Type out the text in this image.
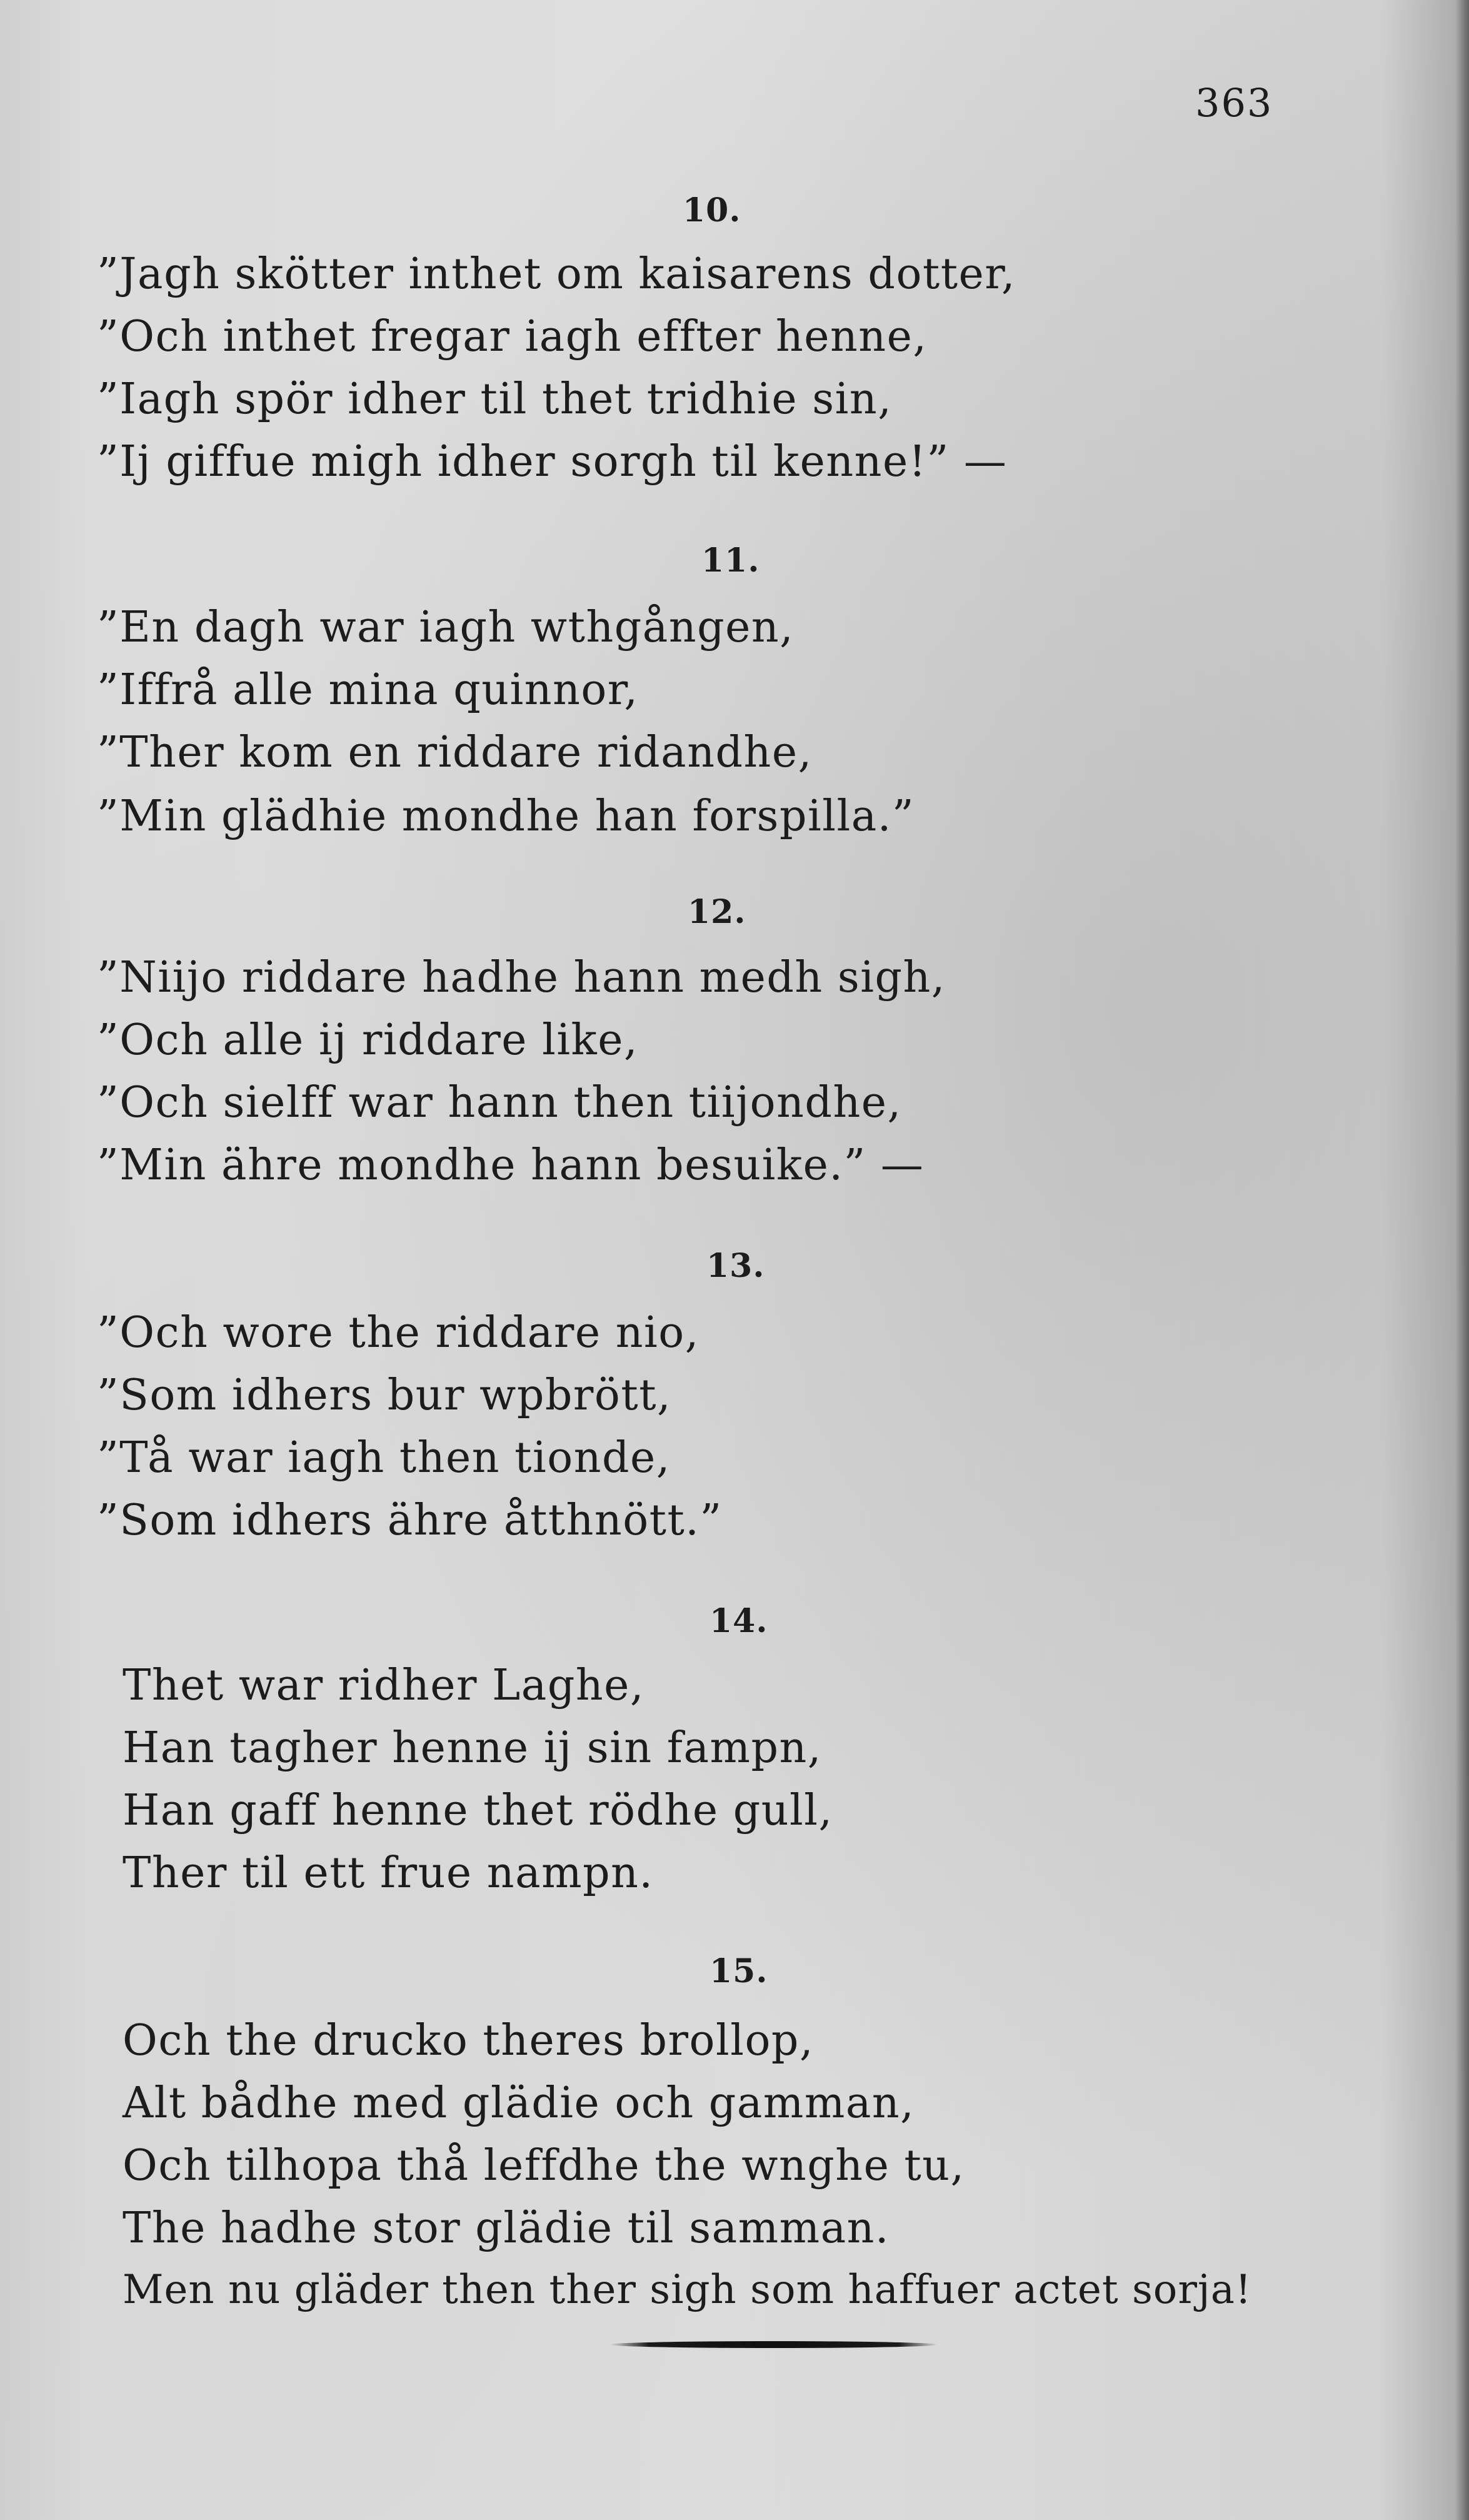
363
10.
”Jagh skötter inthet om kaisarens dotter,
”Och inthet fregar iagh effter henne,
”Iagh spör idher til thet tridhie sin,
”Ij giffue migh idher sorgh til kenne!” —
11.
”En dagh war iagh wthgången,
”Iffrå alle mina quinnor,
”Ther kom en riddare ridandhe,
”Min glädhie mondhe han forspilla.”
12.
”Niijo riddare hadhe hann medh sigh,
”Och alle ij riddare like,
”Och sielff war hann then tiijondhe,
”Min ähre mondhe hann besuike.” —
13.
”Och wore the riddare nio,
”Som idhers bur wpbrött,
”Tå war iagh then tionde,
”Som idhers ähre åtthnött.”
14.
Thet war ridher Laghe,
Han tagher henne ij sin fampn,
Han gaff henne thet rödhe gull,
Ther til ett frue nampn.
15.
Och the drucko theres brollop,
Alt bådhe med glädie och gamman,
Och tilhopa thå leffdhe the wnghe tu,
The hadhe stor glädie til samman.
Men nu gläder then ther sigh som haffuer actet sorja!
